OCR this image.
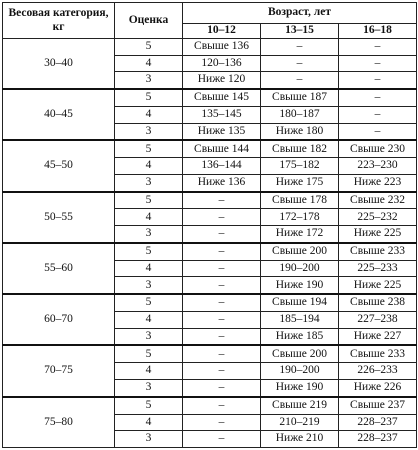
Весовая категория, кг	Оценка	Возраст, лет		
		10–12	13–15	16–18
30–40	5	Свыше 136	–	–
	4	120–136	–	–
	3	Ниже 120	–	–
40–45	5	Свыше 145	Свыше 187	–
	4	135–145	180–187	–
	3	Ниже 135	Ниже 180	–
45–50	5	Свыше 144	Свыше 182	Свыше 230
	4	136–144	175–182	223–230
	3	Ниже 136	Ниже 175	Ниже 223
50–55	5	–	Свыше 178	Свыше 232
	4	–	172–178	225–232
	3	–	Ниже 172	Ниже 225
55–60	5	–	Свыше 200	Свыше 233
	4	–	190–200	225–233
	3	–	Ниже 190	Ниже 225
60–70	5	–	Свыше 194	Свыше 238
	4	–	185–194	227–238
	3	–	Ниже 185	Ниже 227
70–75	5	–	Свыше 200	Свыше 233
	4	–	190–200	226–233
	3	–	Ниже 190	Ниже 226
75–80	5	–	Свыше 219	Свыше 237
	4	–	210–219	228–237
	3	–	Ниже 210	228–237
